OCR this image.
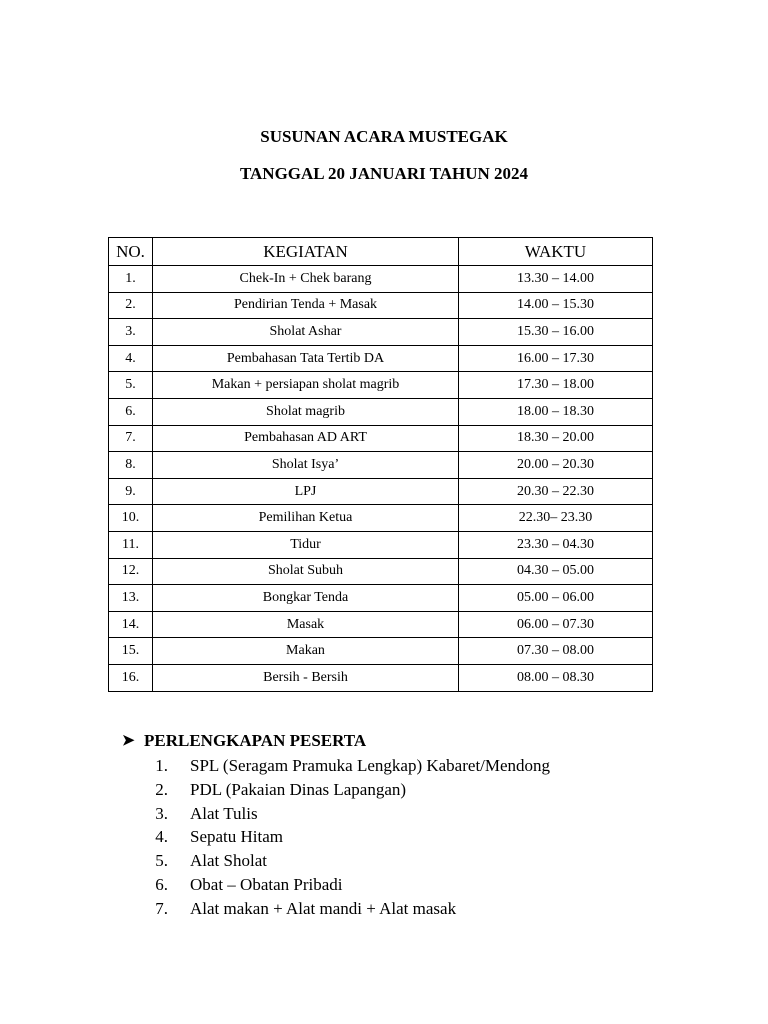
SUSUNAN ACARA MUSTEGAK
TANGGAL 20 JANUARI TAHUN 2024
NO.	KEGIATAN	WAKTU
1.	Chek-In + Chek barang	13.30 – 14.00
2.	Pendirian Tenda + Masak	14.00 – 15.30
3.	Sholat Ashar	15.30 – 16.00
4.	Pembahasan Tata Tertib DA	16.00 – 17.30
5.	Makan + persiapan sholat magrib	17.30 – 18.00
6.	Sholat magrib	18.00 – 18.30
7.	Pembahasan AD ART	18.30 – 20.00
8.	Sholat Isya’	20.00 – 20.30
9.	LPJ	20.30 – 22.30
10.	Pemilihan Ketua	22.30– 23.30
11.	Tidur	23.30 – 04.30
12.	Sholat Subuh	04.30 – 05.00
13.	Bongkar Tenda	05.00 – 06.00
14.	Masak	06.00 – 07.30
15.	Makan	07.30 – 08.00
16.	Bersih - Bersih	08.00 – 08.30
➤ PERLENGKAPAN PESERTA
1.	SPL (Seragam Pramuka Lengkap) Kabaret/Mendong
2.	PDL (Pakaian Dinas Lapangan)
3.	Alat Tulis
4.	Sepatu Hitam
5.	Alat Sholat
6.	Obat – Obatan Pribadi
7.	Alat makan + Alat mandi + Alat masak
